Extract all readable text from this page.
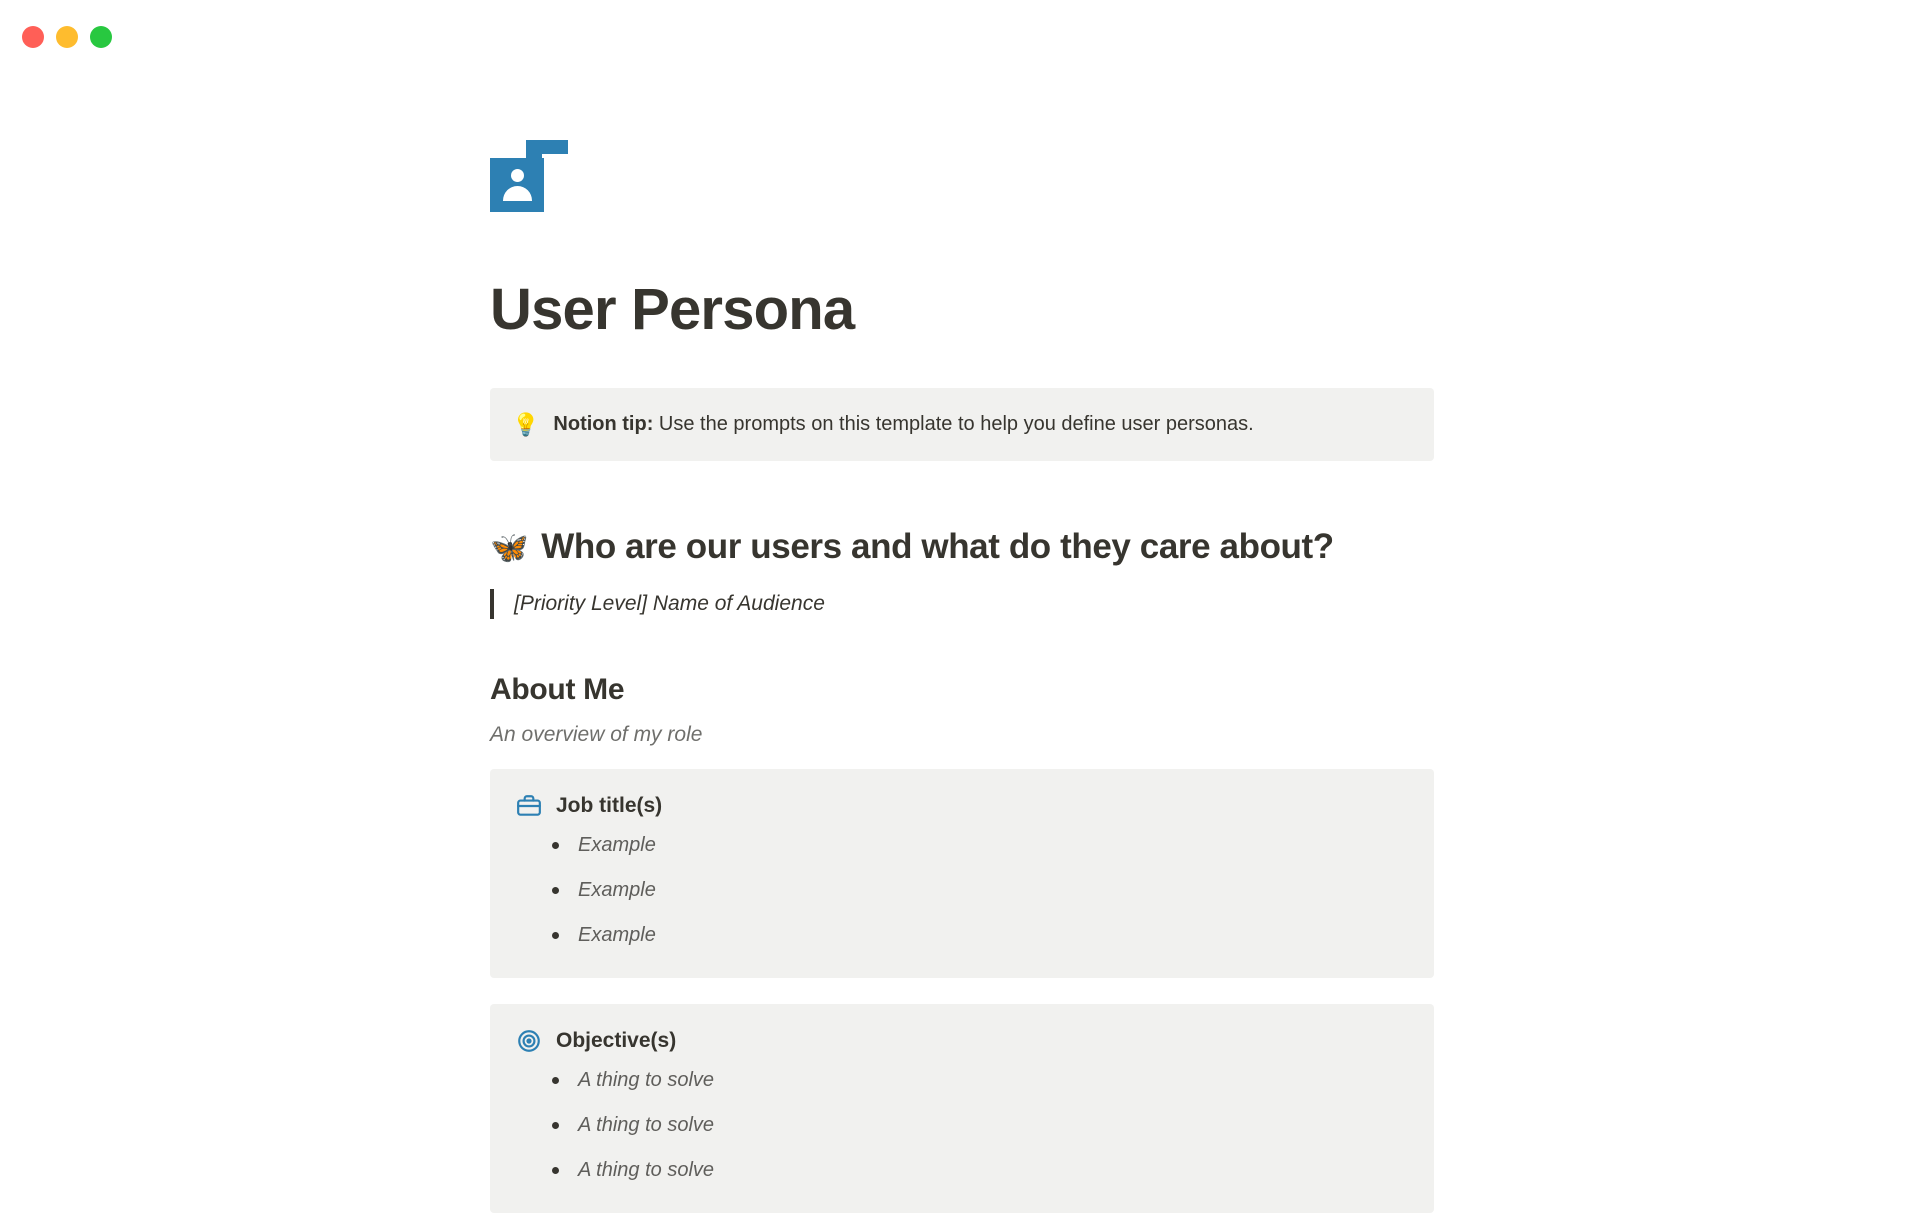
User Persona
💡 Notion tip: Use the prompts on this template to help you define user personas.
🦋 Who are our users and what do they care about?
[Priority Level] Name of Audience
About Me

An overview of my role

Job title(s)
Example
Example
Example
Objective(s)
A thing to solve
A thing to solve
A thing to solve
